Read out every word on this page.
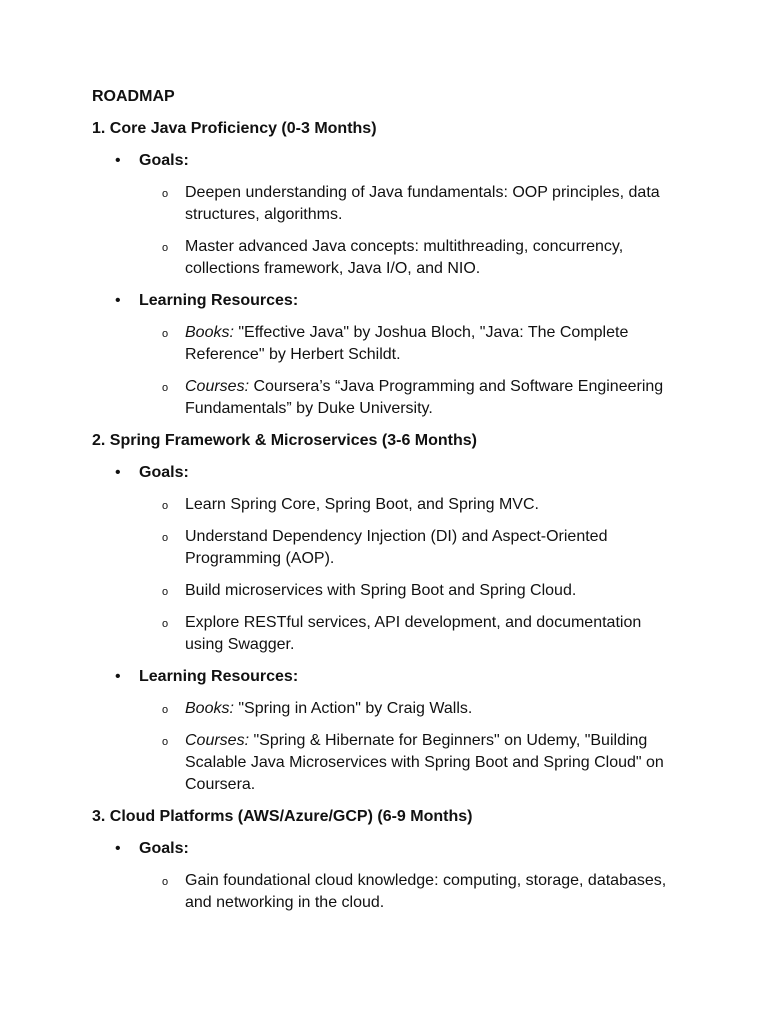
ROADMAP
1. Core Java Proficiency (0-3 Months)
• Goals:
o Deepen understanding of Java fundamentals: OOP principles, data structures, algorithms.
o Master advanced Java concepts: multithreading, concurrency, collections framework, Java I/O, and NIO.
• Learning Resources:
o Books: "Effective Java" by Joshua Bloch, "Java: The Complete Reference" by Herbert Schildt.
o Courses: Coursera’s “Java Programming and Software Engineering Fundamentals” by Duke University.
2. Spring Framework & Microservices (3-6 Months)
• Goals:
o Learn Spring Core, Spring Boot, and Spring MVC.
o Understand Dependency Injection (DI) and Aspect-Oriented Programming (AOP).
o Build microservices with Spring Boot and Spring Cloud.
o Explore RESTful services, API development, and documentation using Swagger.
• Learning Resources:
o Books: "Spring in Action" by Craig Walls.
o Courses: "Spring & Hibernate for Beginners" on Udemy, "Building Scalable Java Microservices with Spring Boot and Spring Cloud" on Coursera.
3. Cloud Platforms (AWS/Azure/GCP) (6-9 Months)
• Goals:
o Gain foundational cloud knowledge: computing, storage, databases, and networking in the cloud.
